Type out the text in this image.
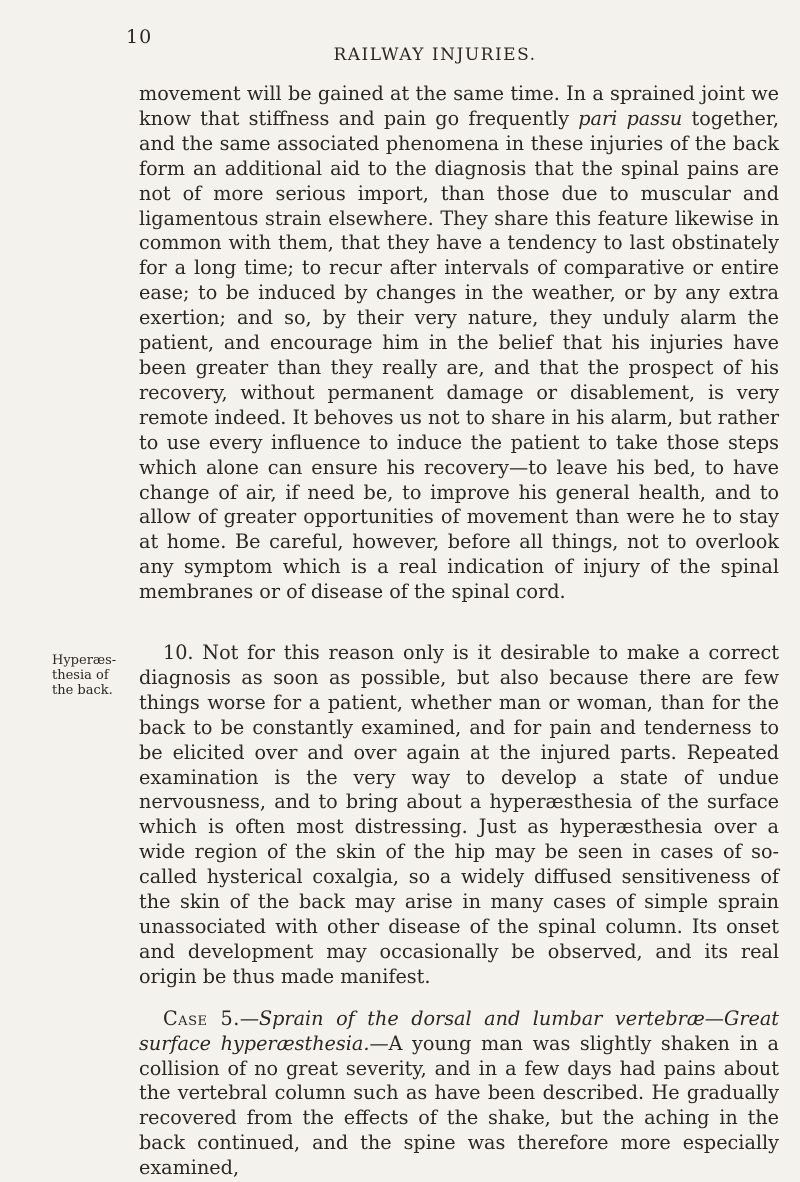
10
RAILWAY INJURIES.
Hyperæs-
thesia of
the back.

movement will be gained at the same time. In a sprained joint we know that stiffness and pain go frequently pari passu together, and the same associated phenomena in these injuries of the back form an additional aid to the diagnosis that the spinal pains are not of more serious import, than those due to muscular and ligamentous strain elsewhere. They share this feature likewise in common with them, that they have a tendency to last obstinately for a long time; to recur after intervals of comparative or entire ease; to be induced by changes in the weather, or by any extra exertion; and so, by their very nature, they unduly alarm the patient, and encourage him in the belief that his injuries have been greater than they really are, and that the prospect of his recovery, without permanent damage or disablement, is very remote indeed. It behoves us not to share in his alarm, but rather to use every influence to induce the patient to take those steps which alone can ensure his recovery—to leave his bed, to have change of air, if need be, to improve his general health, and to allow of greater opportunities of movement than were he to stay at home. Be careful, however, before all things, not to overlook any symptom which is a real indication of injury of the spinal membranes or of disease of the spinal cord.

10. Not for this reason only is it desirable to make a correct diagnosis as soon as possible, but also because there are few things worse for a patient, whether man or woman, than for the back to be constantly examined, and for pain and tenderness to be elicited over and over again at the injured parts. Repeated examination is the very way to develop a state of undue nervousness, and to bring about a hyperæsthesia of the surface which is often most distressing. Just as hyperæsthesia over a wide region of the skin of the hip may be seen in cases of so-called hysterical coxalgia, so a widely diffused sensitiveness of the skin of the back may arise in many cases of simple sprain unassociated with other disease of the spinal column. Its onset and development may occasionally be observed, and its real origin be thus made manifest.

Case 5.—Sprain of the dorsal and lumbar vertebræ—Great surface hyperæsthesia.—A young man was slightly shaken in a collision of no great severity, and in a few days had pains about the vertebral column such as have been described. He gradually recovered from the effects of the shake, but the aching in the back continued, and the spine was therefore more especially examined,
